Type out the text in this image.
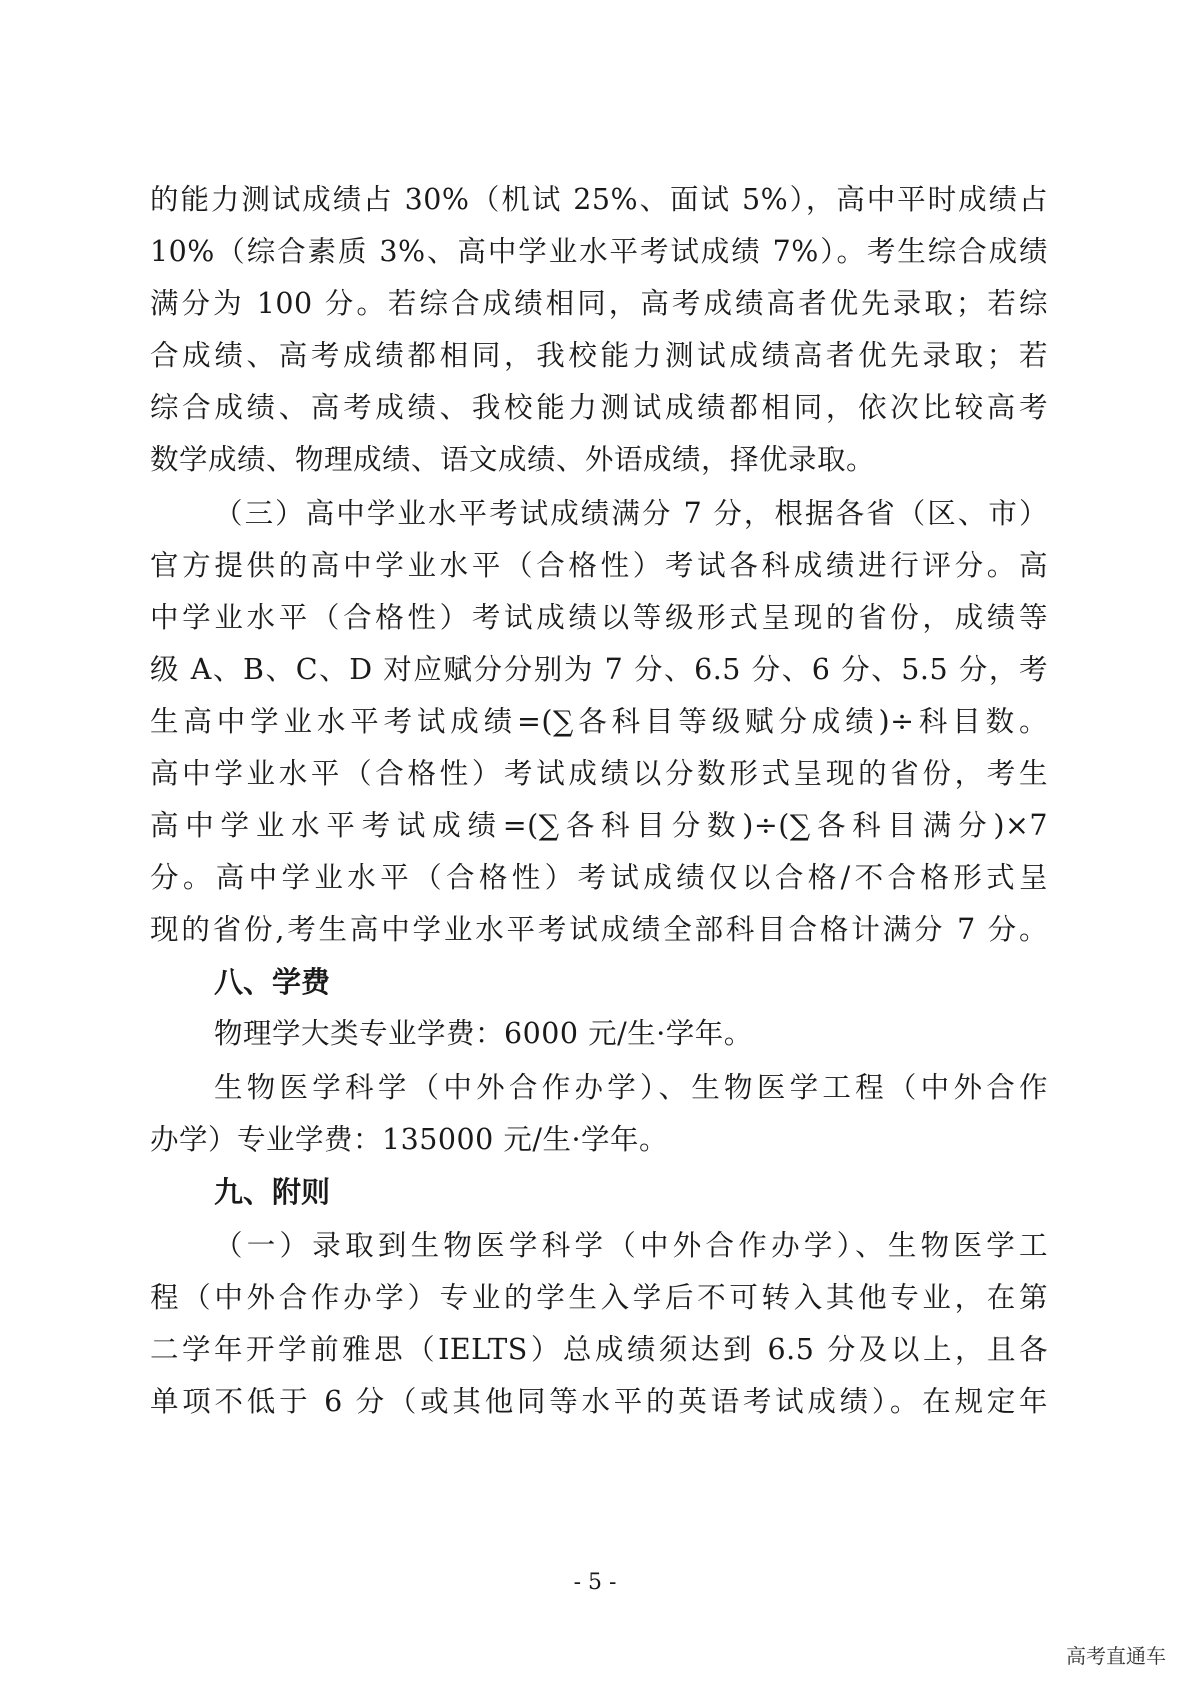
的能力测试成绩占 30%（机试 25%、面试 5%），高中平时成绩占
10%（综合素质 3%、高中学业水平考试成绩 7%）。考生综合成绩
满分为 100 分。若综合成绩相同，高考成绩高者优先录取；若综
合成绩、高考成绩都相同，我校能力测试成绩高者优先录取；若
综合成绩、高考成绩、我校能力测试成绩都相同，依次比较高考
数学成绩、物理成绩、语文成绩、外语成绩，择优录取。
（三）高中学业水平考试成绩满分 7 分，根据各省（区、市）
官方提供的高中学业水平（合格性）考试各科成绩进行评分。高
中学业水平（合格性）考试成绩以等级形式呈现的省份，成绩等
级 A、B、C、D 对应赋分分别为 7 分、6.5 分、6 分、5.5 分，考
生高中学业水平考试成绩=(∑各科目等级赋分成绩)÷科目数。
高中学业水平（合格性）考试成绩以分数形式呈现的省份，考生
高中学业水平考试成绩=(∑各科目分数)÷(∑各科目满分)×7
分。高中学业水平（合格性）考试成绩仅以合格/不合格形式呈
现的省份,考生高中学业水平考试成绩全部科目合格计满分 7 分。
八、学费
物理学大类专业学费：6000 元/生·学年。
生物医学科学（中外合作办学）、生物医学工程（中外合作
办学）专业学费：135000 元/生·学年。
九、附则
（一）录取到生物医学科学（中外合作办学）、生物医学工
程（中外合作办学）专业的学生入学后不可转入其他专业，在第
二学年开学前雅思（IELTS）总成绩须达到 6.5 分及以上，且各
单项不低于 6 分（或其他同等水平的英语考试成绩）。在规定年
- 5 -
高考直通车
